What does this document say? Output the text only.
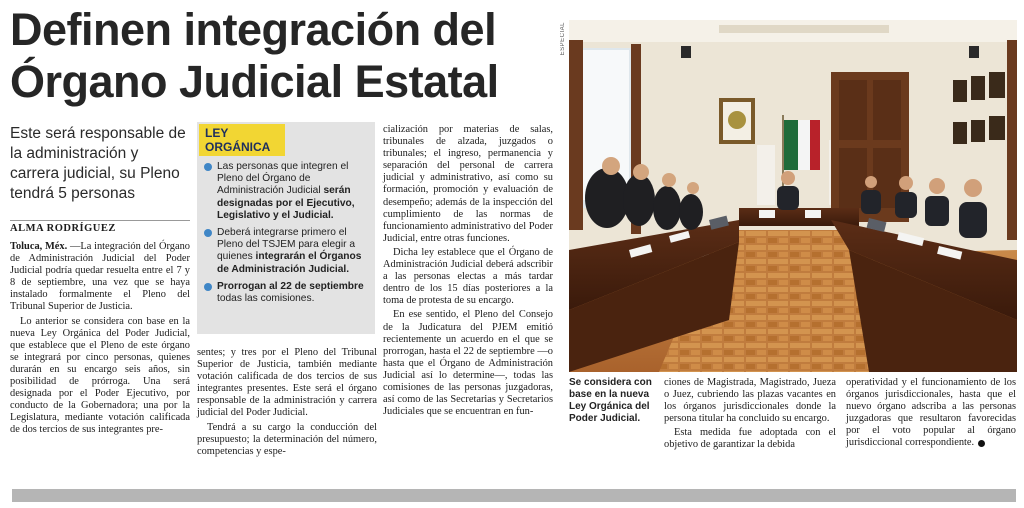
Definen integración del
Órgano Judicial Estatal
Este será responsable de la administración y carrera judicial, su Pleno tendrá 5 personas
ALMA RODRÍGUEZ

Toluca, Méx. —La integración del Órgano de Administración Judicial del Poder Judicial podría quedar resuelta entre el 7 y 8 de septiembre, una vez que se haya instalado formalmente el Pleno del Tribunal Superior de Justicia.

Lo anterior se considera con base en la nueva Ley Orgánica del Poder Judicial, que establece que el Pleno de este órgano se integrará por cinco personas, quienes durarán en su encargo seis años, sin posibilidad de prórroga. Una será designada por el Poder Ejecutivo, por conducto de la Gobernadora; una por la Legislatura, mediante votación calificada de dos tercios de sus integrantes pre-

LEY ORGÁNICA
Las personas que integren el Pleno del Órgano de Administración Judicial serán designadas por el Ejecutivo, Legislativo y el Judicial.
Deberá integrarse primero el Pleno del TSJEM para elegir a quienes integrarán el Órganos de Administración Judicial.
Prorrogan al 22 de septiembre todas las comisiones.

sentes; y tres por el Pleno del Tribunal Superior de Justicia, también mediante votación calificada de dos tercios de sus integrantes presentes. Este será el órgano responsable de la administración y carrera judicial del Poder Judicial.

Tendrá a su cargo la conducción del presupuesto; la determinación del número, competencias y espe-

cialización por materias de salas, tribunales de alzada, juzgados o tribunales; el ingreso, permanencia y separación del personal de carrera judicial y administrativo, así como su formación, promoción y evaluación de desempeño; además de la inspección del cumplimiento de las normas de funcionamiento administrativo del Poder Judicial, entre otras funciones.

Dicha ley establece que el Órgano de Administración Judicial deberá adscribir a las personas electas a más tardar dentro de los 15 días posteriores a la toma de protesta de su encargo.

En ese sentido, el Pleno del Consejo de la Judicatura del PJEM emitió recientemente un acuerdo en el que se prorrogan, hasta el 22 de septiembre —o hasta que el Órgano de Administración Judicial así lo determine—, todas las comisiones de las personas juzgadoras, así como de las Secretarias y Secretarios Judiciales que se encuentran en fun-

ESPECIAL
Se considera con base en la nueva Ley Orgánica del Poder Judicial.

ciones de Magistrada, Magistrado, Jueza o Juez, cubriendo las plazas vacantes en los órganos jurisdiccionales donde la persona titular ha concluido su encargo.

Esta medida fue adoptada con el objetivo de garantizar la debida

operatividad y el funcionamiento de los órganos jurisdiccionales, hasta que el nuevo órgano adscriba a las personas juzgadoras que resultaron favorecidas por el voto popular al órgano jurisdiccional correspondiente.
